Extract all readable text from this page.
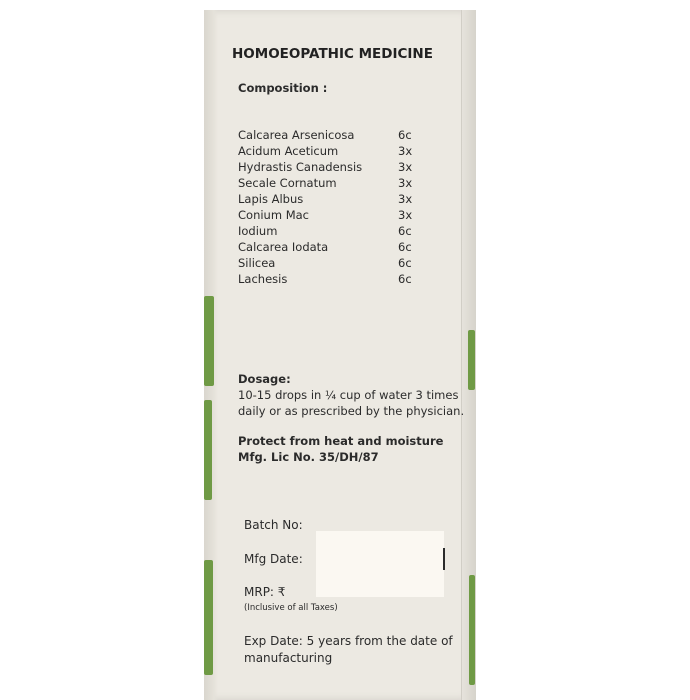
HOMOEOPATHIC MEDICINE
Composition :
Calcarea Arsenicosa	6c
Acidum Aceticum	3x
Hydrastis Canadensis	3x
Secale Cornatum	3x
Lapis Albus	3x
Conium Mac	3x
Iodium	6c
Calcarea Iodata	6c
Silicea	6c
Lachesis	6c
Dosage:
10-15 drops in ¼ cup of water 3 times
daily or as prescribed by the physician.
Protect from heat and moisture
Mfg. Lic No. 35/DH/87
Batch No:
Mfg Date:
MRP: ₹
(Inclusive of all Taxes)
Exp Date: 5 years from the date of
manufacturing
